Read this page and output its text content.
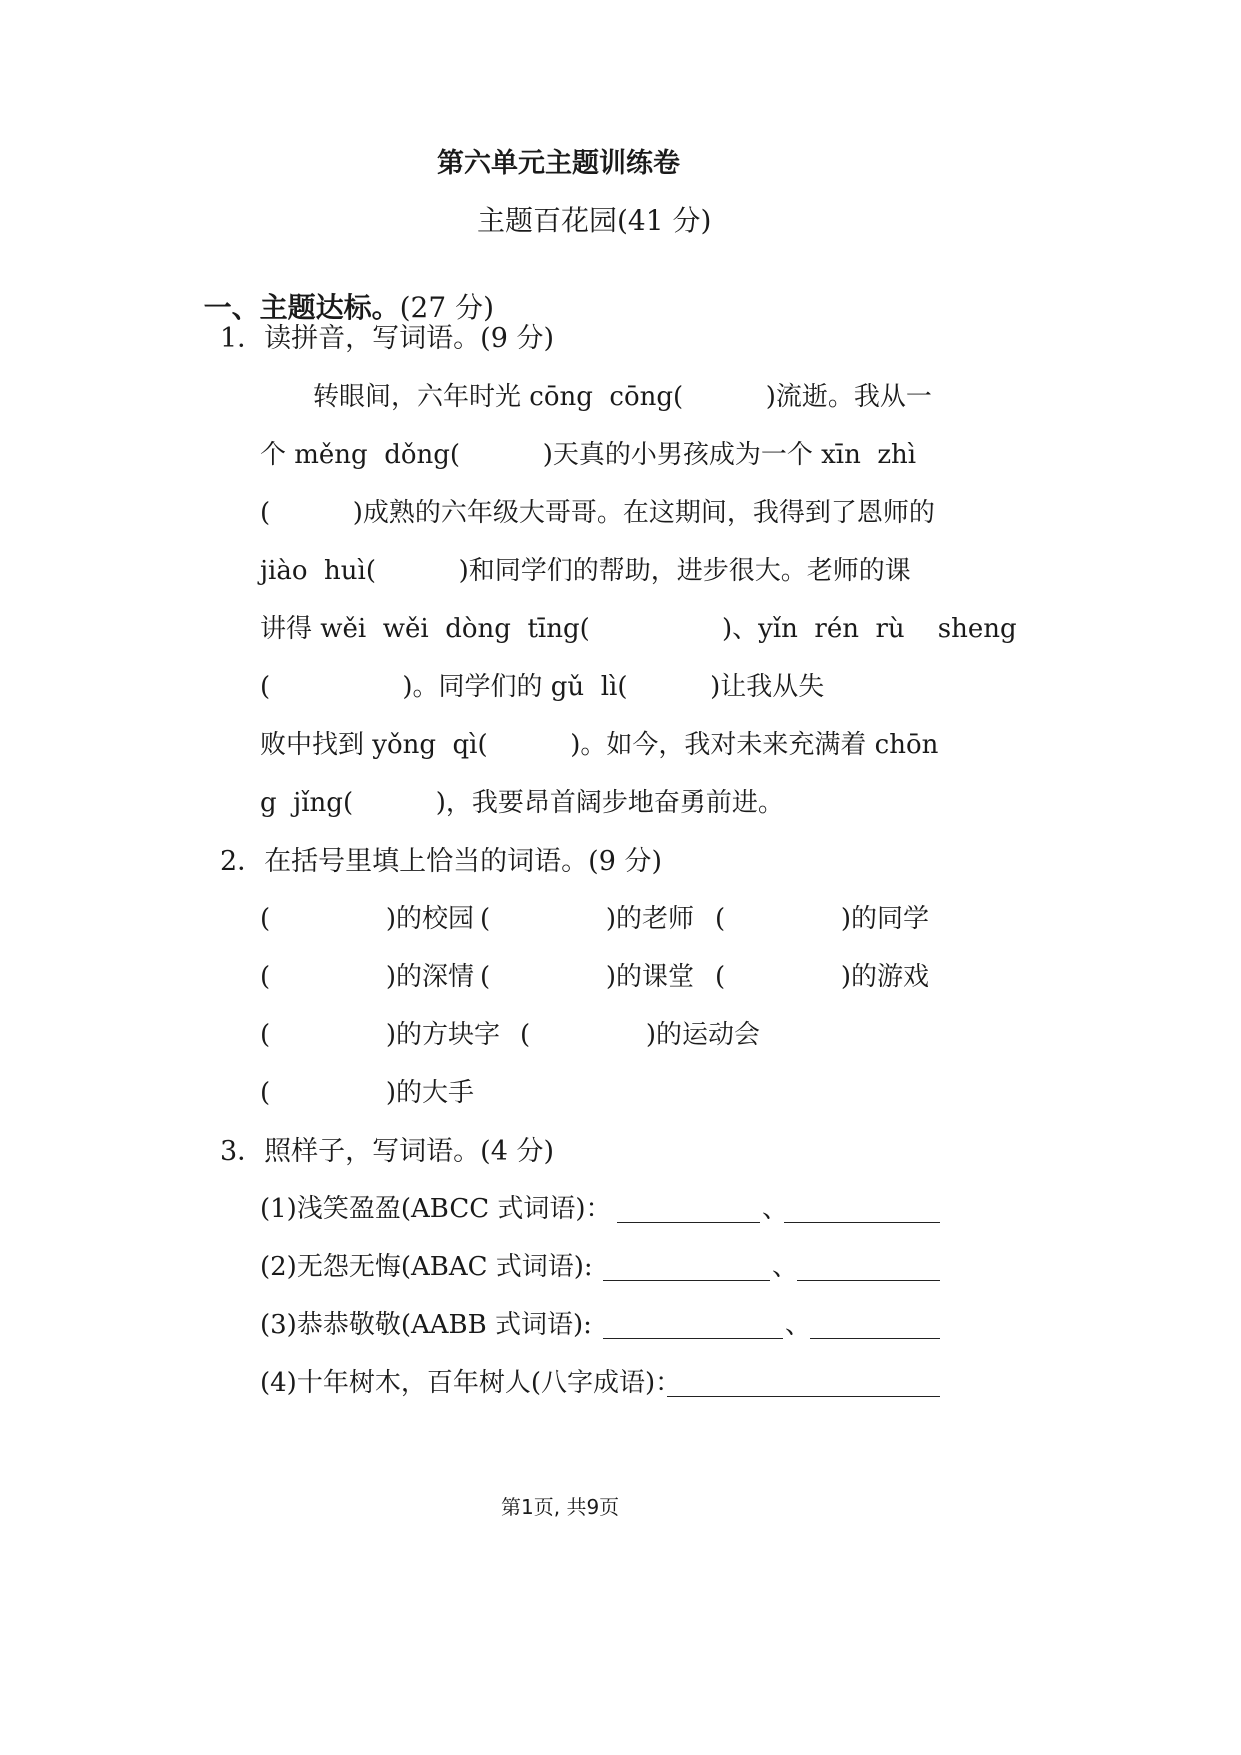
第六单元主题训练卷
主题百花园(41 分)

一、主题达标。(27 分)

1．读拼音，写词语。(9 分)
转眼间，六年时光 cōng  cōng(          )流逝。我从一
个 měng  dǒng(          )天真的小男孩成为一个 xīn  zhì
(          )成熟的六年级大哥哥。在这期间，我得到了恩师的
jiào  huì(          )和同学们的帮助，进步很大。老师的课
讲得 wěi  wěi  dòng  tīng(                )、yǐn  rén  rù    sheng
(                )。同学们的 gǔ  lì(          )让我从失
败中找到 yǒng  qì(          )。如今，我对未来充满着 chōn
g  jǐng(          )，我要昂首阔步地奋勇前进。
2．在括号里填上恰当的词语。(9 分)
(              )的校园 (              )的老师 (              )的同学
(              )的深情 (              )的课堂 (              )的游戏
(              )的方块字 (              )的运动会
(              )的大手
3．照样子，写词语。(4 分)
(1)浅笑盈盈(ABCC 式词语)：	、
(2)无怨无悔(ABAC 式词语):	、
(3)恭恭敬敬(AABB 式词语):	、
(4)十年树木，百年树人(八字成语)：
第1页, 共9页
